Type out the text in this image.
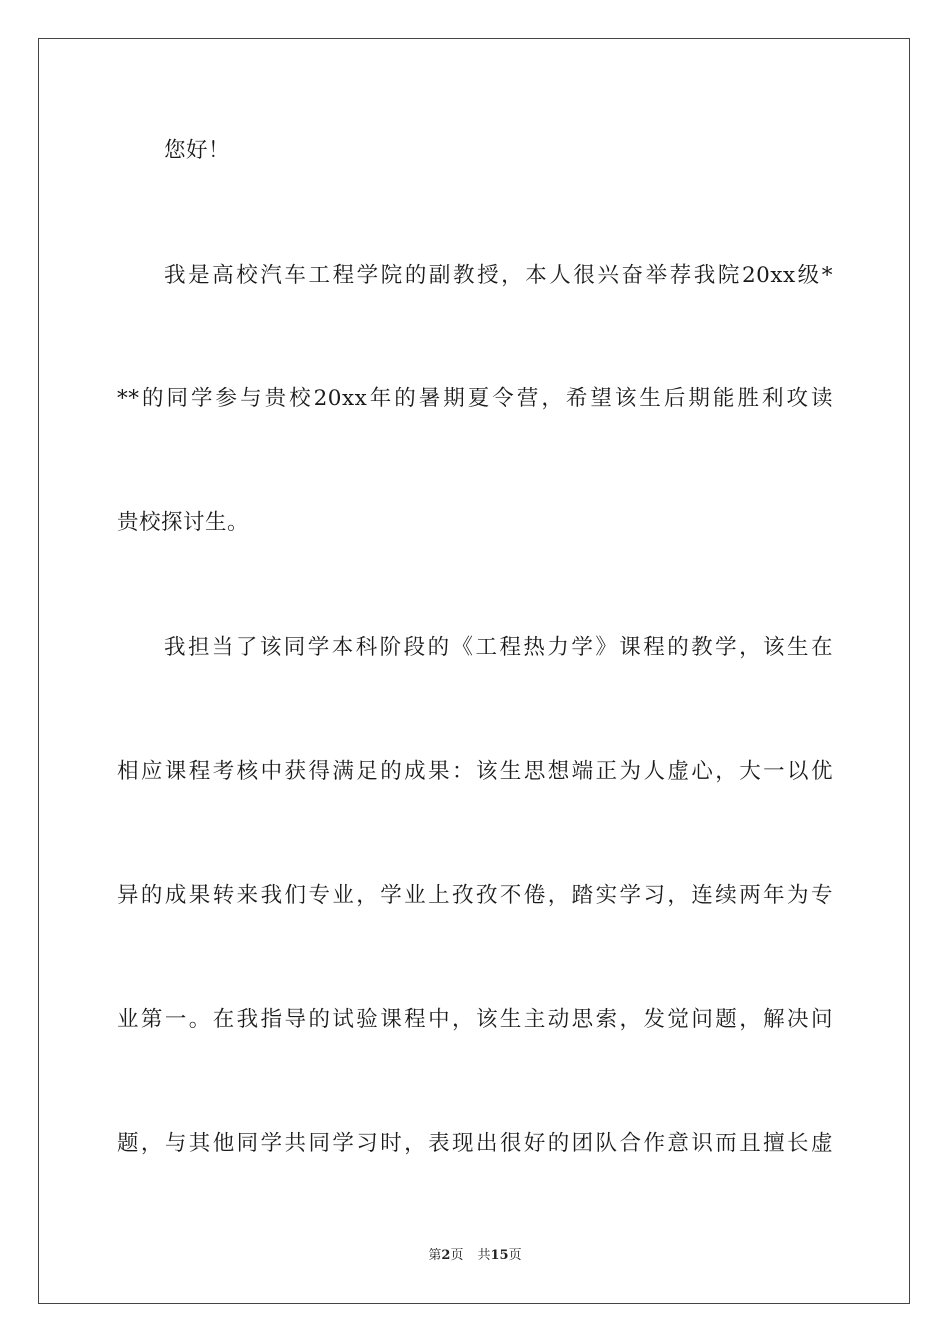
您好！
我是高校汽车工程学院的副教授，本人很兴奋举荐我院20xx级*
**的同学参与贵校20xx年的暑期夏令营，希望该生后期能胜利攻读
贵校探讨生。
我担当了该同学本科阶段的《工程热力学》课程的教学，该生在
相应课程考核中获得满足的成果：该生思想端正为人虚心，大一以优
异的成果转来我们专业，学业上孜孜不倦，踏实学习，连续两年为专
业第一。在我指导的试验课程中，该生主动思索，发觉问题，解决问
题，与其他同学共同学习时，表现出很好的团队合作意识而且擅长虚
第2页 共15页
